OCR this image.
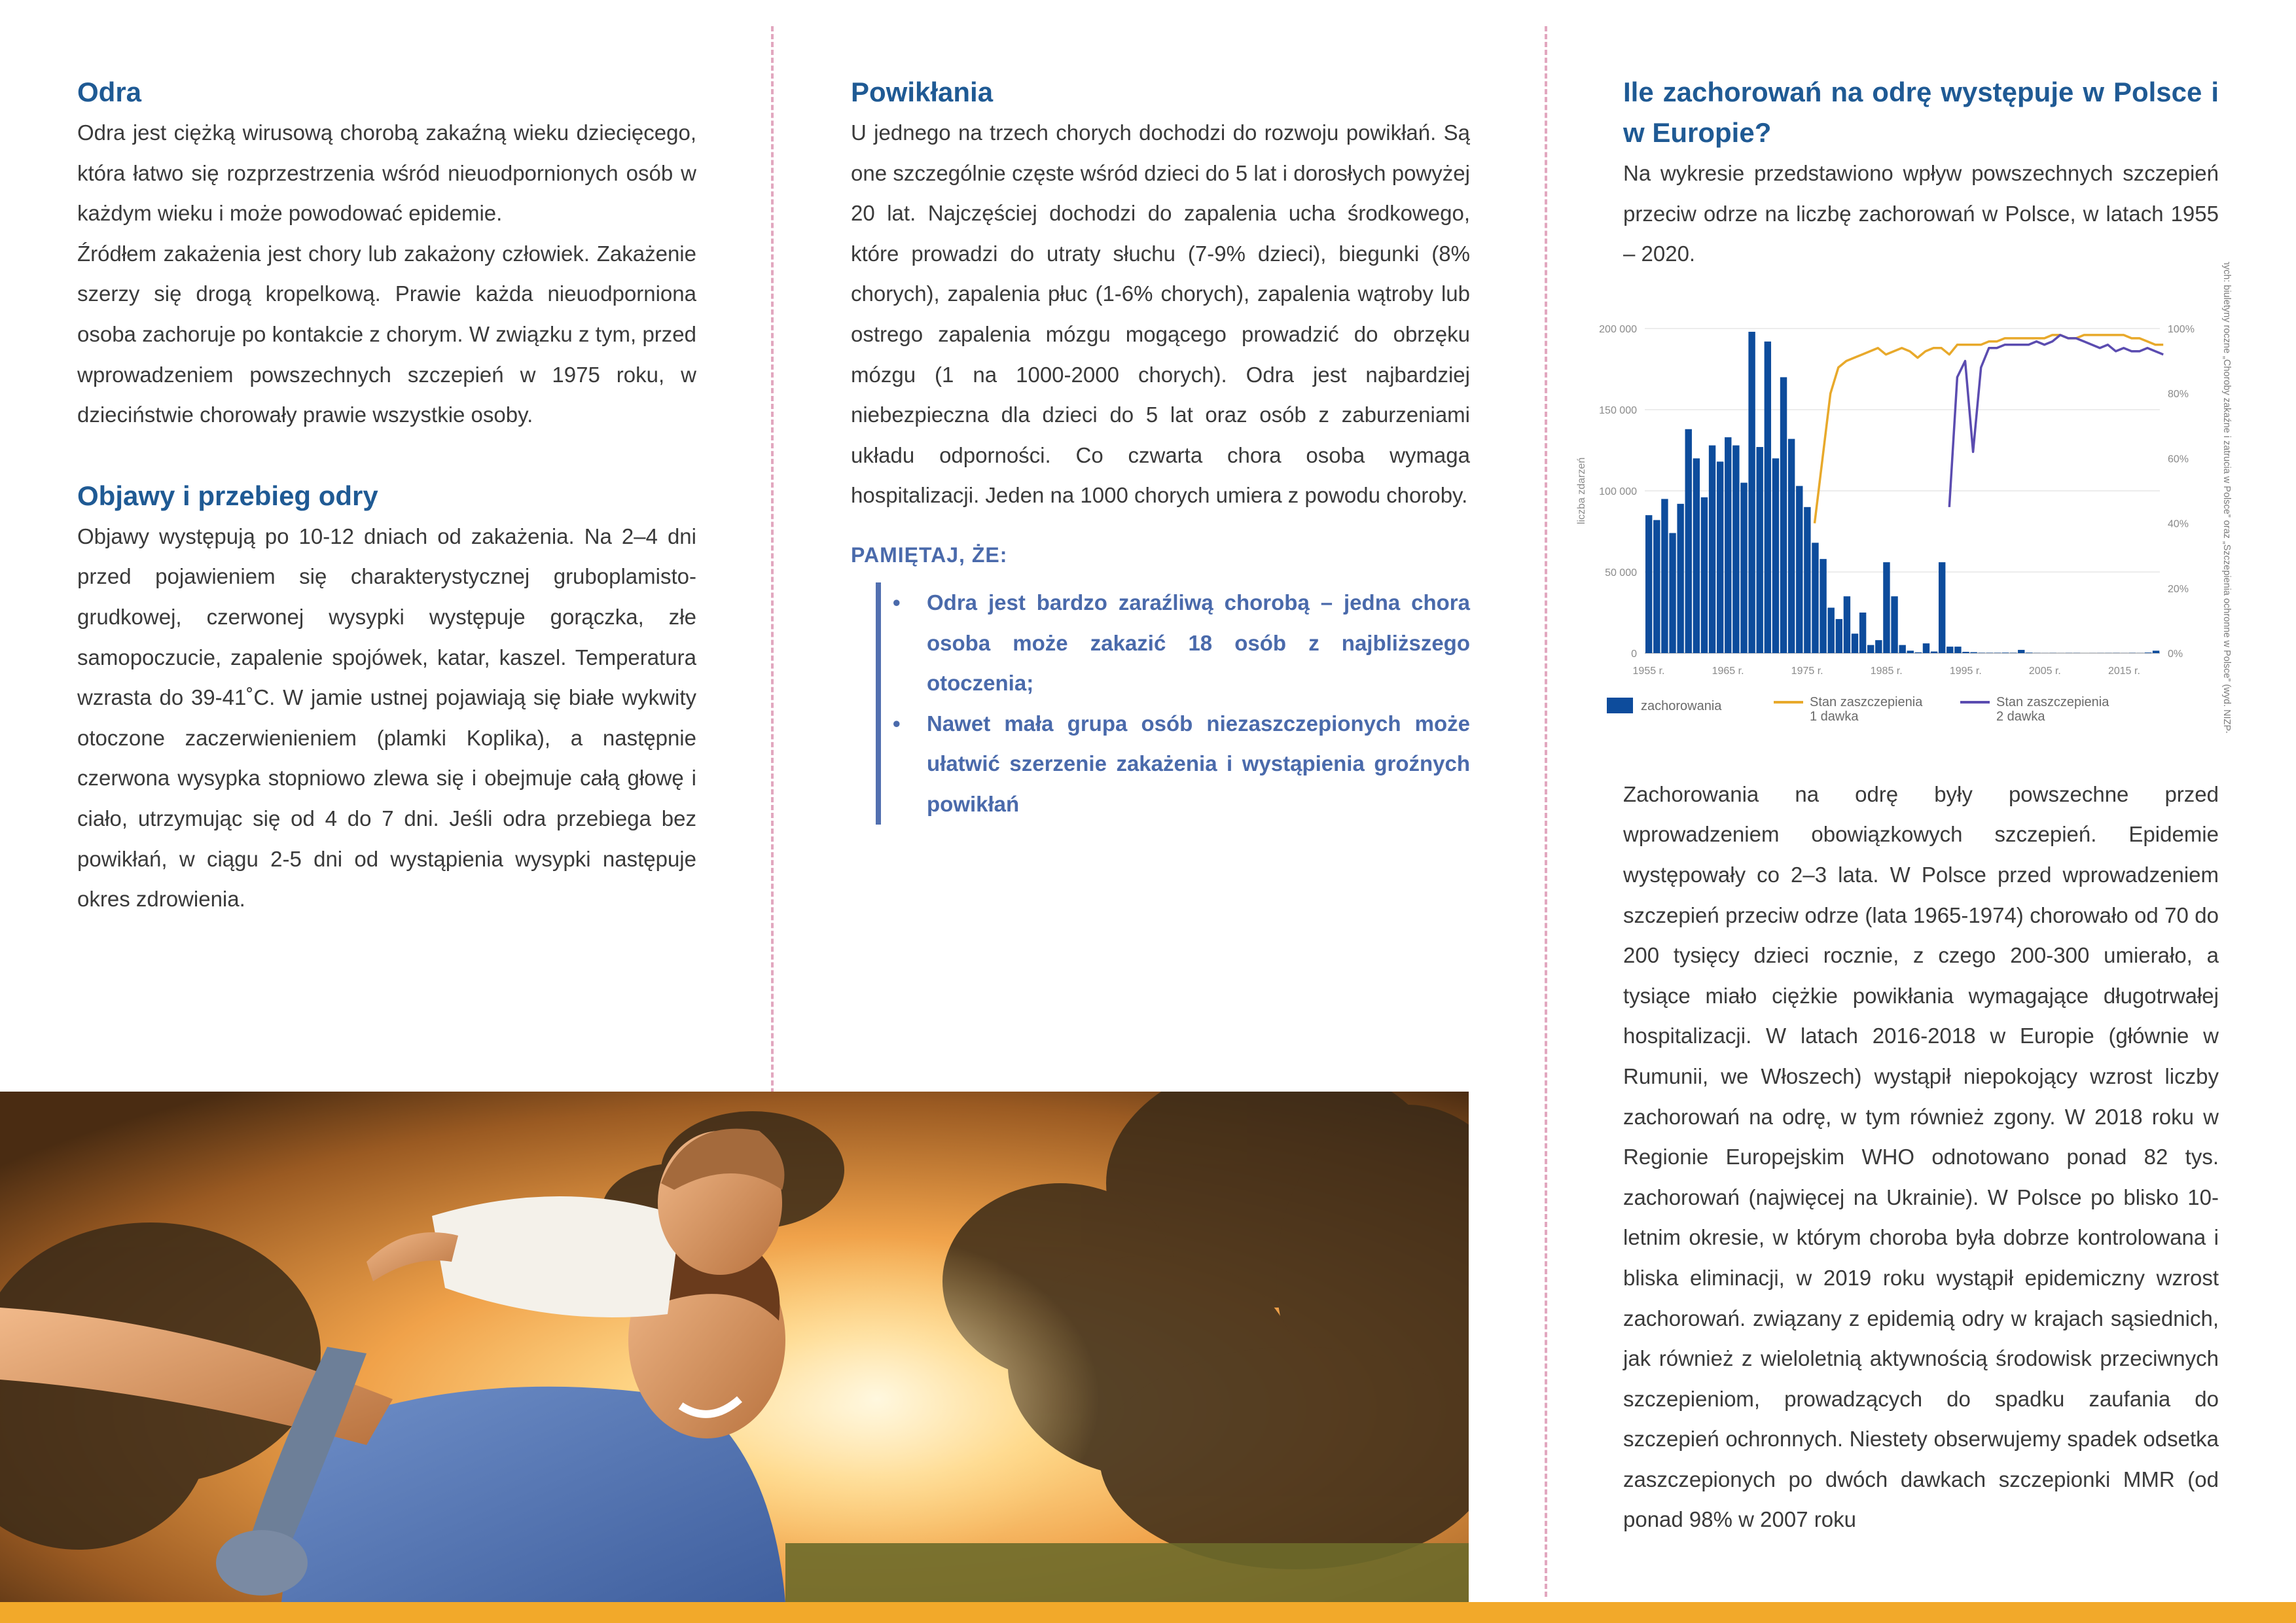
Odra

Odra jest ciężką wirusową chorobą zakaźną wieku dziecięcego, która łatwo się rozprzestrzenia wśród nieuodpornionych osób w każdym wieku i może powodować epidemie.

Źródłem zakażenia jest chory lub zakażony człowiek. Zakażenie szerzy się drogą kropelkową. Prawie każda nieuodporniona osoba zachoruje po kontakcie z chorym. W związku z tym, przed wprowadzeniem powszechnych szczepień w 1975 roku, w dzieciństwie chorowały prawie wszystkie osoby.

Objawy i przebieg odry

Objawy występują po 10-12 dniach od zakażenia. Na 2–4 dni przed pojawieniem się charakterystycznej gruboplamisto-grudkowej, czerwonej wysypki występuje gorączka, złe samopoczucie, zapalenie spojówek, katar, kaszel. Temperatura wzrasta do 39-41˚C. W jamie ustnej pojawiają się białe wykwity otoczone zaczerwienieniem (plamki Koplika), a następnie czerwona wysypka stopniowo zlewa się i obejmuje całą głowę i ciało, utrzymując się od 4 do 7 dni. Jeśli odra przebiega bez powikłań, w ciągu 2-5 dni od wystąpienia wysypki następuje okres zdrowienia.

Powikłania

U jednego na trzech chorych dochodzi do rozwoju powikłań. Są one szczególnie częste wśród dzieci do 5 lat i dorosłych powyżej 20 lat. Najczęściej dochodzi do zapalenia ucha środkowego, które prowadzi do utraty słuchu (7-9% dzieci), biegunki (8% chorych), zapalenia płuc (1-6% chorych), zapalenia wątroby lub ostrego zapalenia mózgu mogącego prowadzić do obrzęku mózgu (1 na 1000-2000 chorych). Odra jest najbardziej niebezpieczna dla dzieci do 5 lat oraz osób z zaburzeniami układu odporności. Co czwarta chora osoba wymaga hospitalizacji. Jeden na 1000 chorych umiera z powodu choroby.

PAMIĘTAJ, ŻE:
• Odra jest bardzo zaraźliwą chorobą – jedna chora osoba może zakazić 18 osób z najbliższego otoczenia;
• Nawet mała grupa osób niezaszczepionych może ułatwić szerzenie zakażenia i wystąpienia groźnych powikłań
Ile zachorowań na odrę występuje w Polsce i w Europie?

Na wykresie przedstawiono wpływ powszechnych szczepień przeciw odrze na liczbę zachorowań w Polsce, w latach 1955 – 2020.

Zachorowania na odrę były powszechne przed wprowadzeniem obowiązkowych szczepień. Epidemie występowały co 2–3 lata. W Polsce przed wprowadzeniem szczepień przeciw odrze (lata 1965-1974) chorowało od 70 do 200 tysięcy dzieci rocznie, z czego 200-300 umierało, a tysiące miało ciężkie powikłania wymagające długotrwałej hospitalizacji. W latach 2016-2018 w Europie (głównie w Rumunii, we Włoszech) wystąpił niepokojący wzrost liczby zachorowań na odrę, w tym również zgony. W 2018 roku w Regionie Europejskim WHO odnotowano ponad 82 tys. zachorowań (najwięcej na Ukrainie). W Polsce po blisko 10-letnim okresie, w którym choroba była dobrze kontrolowana i bliska eliminacji, w 2019 roku wystąpił epidemiczny wzrost zachorowań. związany z epidemią odry w krajach sąsiednich, jak również z wieloletnią aktywnością środowisk przeciwnych szczepieniom, prowadzących do spadku zaufania do szczepień ochronnych. Niestety obserwujemy spadek odsetka zaszczepionych po dwóch dawkach szczepionki MMR (od ponad 98% w 2007 roku

200 000
150 000
100 000
50 000
0
100%
80%
60%
40%
20%
0%
liczba zdarzeń
1955 r.	1965 r.	1975 r.	1985 r.	1995 r.	2005 r.	2015 r.
zachorowania	Stan zaszczepienia
1 dawka
Stan zaszczepienia
2 dawka	Źródło danych: biuletyny roczne „Choroby zakaźne i zatrucia w Polsce” oraz „Szczepienia ochronne w Polsce” (wyd. NIZP-PZH GIS)
